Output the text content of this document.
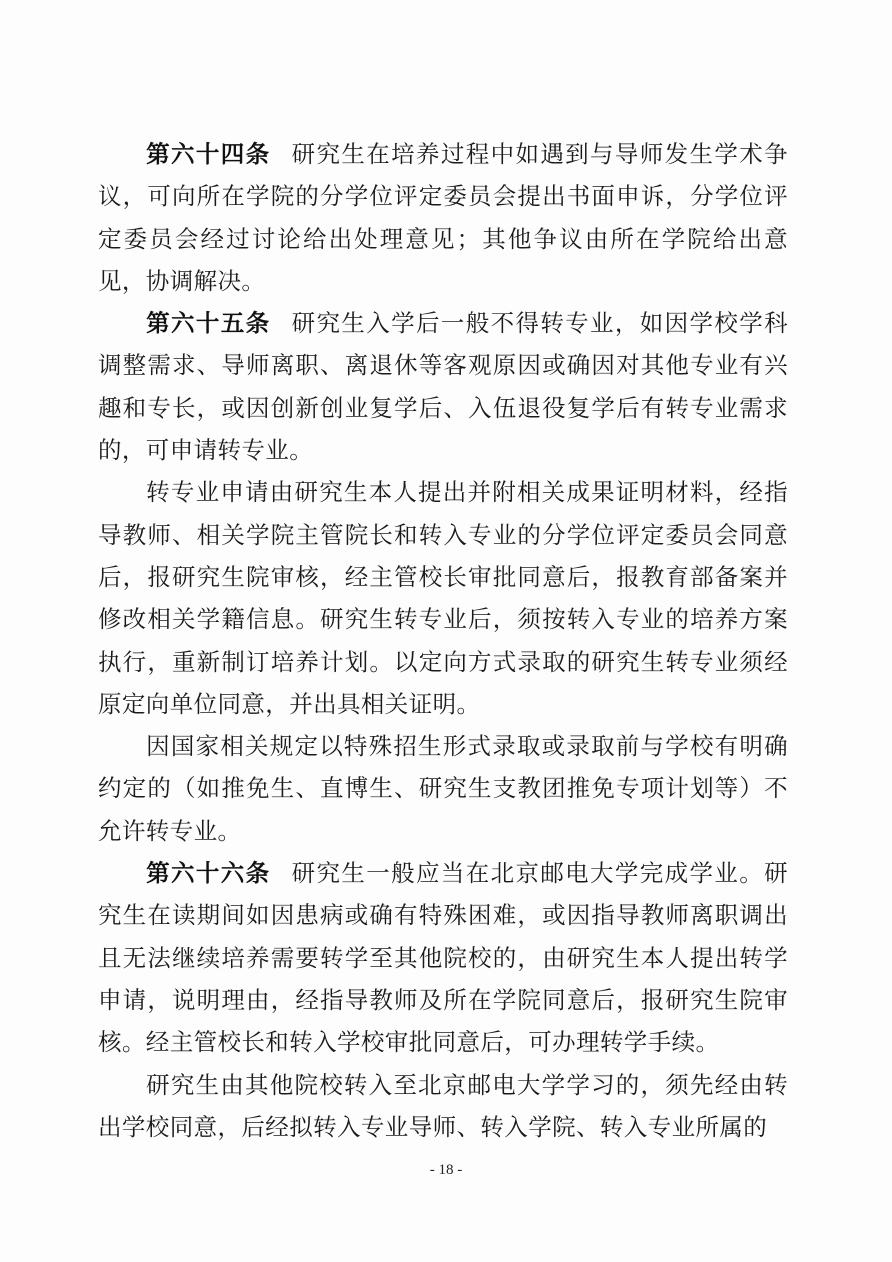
第六十四条 研究生在培养过程中如遇到与导师发生学术争议，可向所在学院的分学位评定委员会提出书面申诉，分学位评定委员会经过讨论给出处理意见；其他争议由所在学院给出意见，协调解决。

第六十五条 研究生入学后一般不得转专业，如因学校学科调整需求、导师离职、离退休等客观原因或确因对其他专业有兴趣和专长，或因创新创业复学后、入伍退役复学后有转专业需求的，可申请转专业。

转专业申请由研究生本人提出并附相关成果证明材料，经指导教师、相关学院主管院长和转入专业的分学位评定委员会同意后，报研究生院审核，经主管校长审批同意后，报教育部备案并修改相关学籍信息。研究生转专业后，须按转入专业的培养方案执行，重新制订培养计划。以定向方式录取的研究生转专业须经原定向单位同意，并出具相关证明。

因国家相关规定以特殊招生形式录取或录取前与学校有明确约定的（如推免生、直博生、研究生支教团推免专项计划等）不允许转专业。

第六十六条 研究生一般应当在北京邮电大学完成学业。研究生在读期间如因患病或确有特殊困难，或因指导教师离职调出且无法继续培养需要转学至其他院校的，由研究生本人提出转学申请，说明理由，经指导教师及所在学院同意后，报研究生院审核。经主管校长和转入学校审批同意后，可办理转学手续。

研究生由其他院校转入至北京邮电大学学习的，须先经由转出学校同意，后经拟转入专业导师、转入学院、转入专业所属的

- 18 -
